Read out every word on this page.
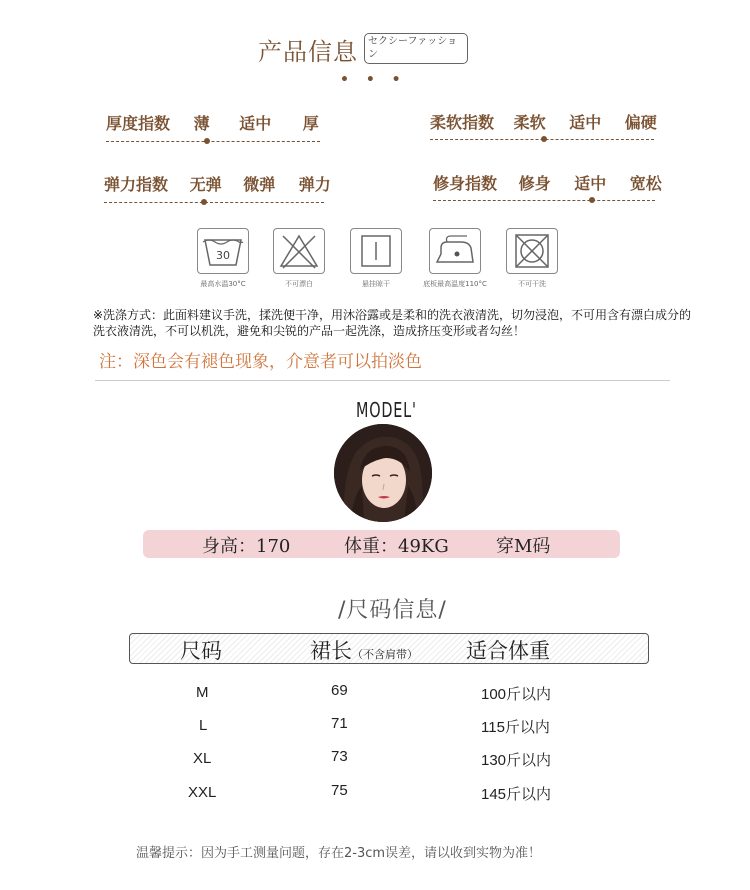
产品信息	セクシーファッション
• • •
厚度指数 薄 适中 厚	柔软指数 柔软 适中 偏硬
弹力指数 无弹 微弹 弹力	修身指数 修身 适中 宽松
30
最高水温30°C	不可漂白	悬挂晾干	底板最高温度110°C	不可干洗
※洗涤方式：此面料建议手洗，揉洗便干净，用沐浴露或是柔和的洗衣液清洗，切勿浸泡，不可用含有漂白成分的洗衣液清洗，不可以机洗，避免和尖锐的产品一起洗涤，造成挤压变形或者勾丝！
注：深色会有褪色现象，介意者可以拍淡色
MODEL'
身高：170	体重：49KG	穿M码
/尺码信息/
尺码	裙长（不含肩带） 适合体重
M	69	100斤以内
L	71	115斤以内
XL	73	130斤以内
XXL	75	145斤以内
温馨提示：因为手工测量问题，存在2-3cm误差，请以收到实物为准！
